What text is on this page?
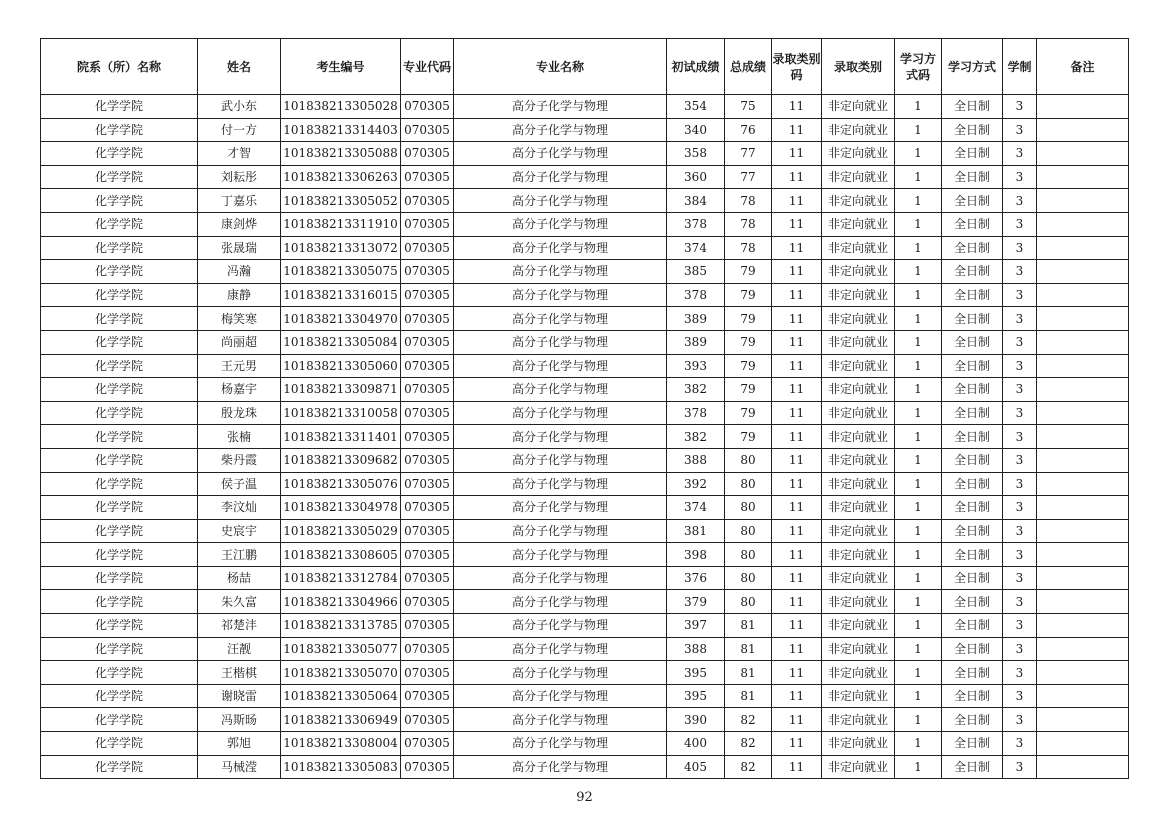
院系（所）名称	姓名	考生编号	专业代码	专业名称	初试成绩	总成绩	录取类别码	录取类别	学习方式码	学习方式	学制	备注
化学学院	武小东	101838213305028	070305	高分子化学与物理	354	75	11	非定向就业	1	全日制	3	
化学学院	付一方	101838213314403	070305	高分子化学与物理	340	76	11	非定向就业	1	全日制	3	
化学学院	才智	101838213305088	070305	高分子化学与物理	358	77	11	非定向就业	1	全日制	3	
化学学院	刘耘彤	101838213306263	070305	高分子化学与物理	360	77	11	非定向就业	1	全日制	3	
化学学院	丁嘉乐	101838213305052	070305	高分子化学与物理	384	78	11	非定向就业	1	全日制	3	
化学学院	康剑烨	101838213311910	070305	高分子化学与物理	378	78	11	非定向就业	1	全日制	3	
化学学院	张晟瑞	101838213313072	070305	高分子化学与物理	374	78	11	非定向就业	1	全日制	3	
化学学院	冯瀚	101838213305075	070305	高分子化学与物理	385	79	11	非定向就业	1	全日制	3	
化学学院	康静	101838213316015	070305	高分子化学与物理	378	79	11	非定向就业	1	全日制	3	
化学学院	梅笑寒	101838213304970	070305	高分子化学与物理	389	79	11	非定向就业	1	全日制	3	
化学学院	尚丽超	101838213305084	070305	高分子化学与物理	389	79	11	非定向就业	1	全日制	3	
化学学院	王元男	101838213305060	070305	高分子化学与物理	393	79	11	非定向就业	1	全日制	3	
化学学院	杨嘉宇	101838213309871	070305	高分子化学与物理	382	79	11	非定向就业	1	全日制	3	
化学学院	殷龙珠	101838213310058	070305	高分子化学与物理	378	79	11	非定向就业	1	全日制	3	
化学学院	张楠	101838213311401	070305	高分子化学与物理	382	79	11	非定向就业	1	全日制	3	
化学学院	柴丹霞	101838213309682	070305	高分子化学与物理	388	80	11	非定向就业	1	全日制	3	
化学学院	侯子温	101838213305076	070305	高分子化学与物理	392	80	11	非定向就业	1	全日制	3	
化学学院	李汶灿	101838213304978	070305	高分子化学与物理	374	80	11	非定向就业	1	全日制	3	
化学学院	史宸宇	101838213305029	070305	高分子化学与物理	381	80	11	非定向就业	1	全日制	3	
化学学院	王江鹏	101838213308605	070305	高分子化学与物理	398	80	11	非定向就业	1	全日制	3	
化学学院	杨喆	101838213312784	070305	高分子化学与物理	376	80	11	非定向就业	1	全日制	3	
化学学院	朱久富	101838213304966	070305	高分子化学与物理	379	80	11	非定向就业	1	全日制	3	
化学学院	祁楚沣	101838213313785	070305	高分子化学与物理	397	81	11	非定向就业	1	全日制	3	
化学学院	汪靓	101838213305077	070305	高分子化学与物理	388	81	11	非定向就业	1	全日制	3	
化学学院	王楷棋	101838213305070	070305	高分子化学与物理	395	81	11	非定向就业	1	全日制	3	
化学学院	谢晓雷	101838213305064	070305	高分子化学与物理	395	81	11	非定向就业	1	全日制	3	
化学学院	冯斯旸	101838213306949	070305	高分子化学与物理	390	82	11	非定向就业	1	全日制	3	
化学学院	郭旭	101838213308004	070305	高分子化学与物理	400	82	11	非定向就业	1	全日制	3	
化学学院	马械滢	101838213305083	070305	高分子化学与物理	405	82	11	非定向就业	1	全日制	3	
92
